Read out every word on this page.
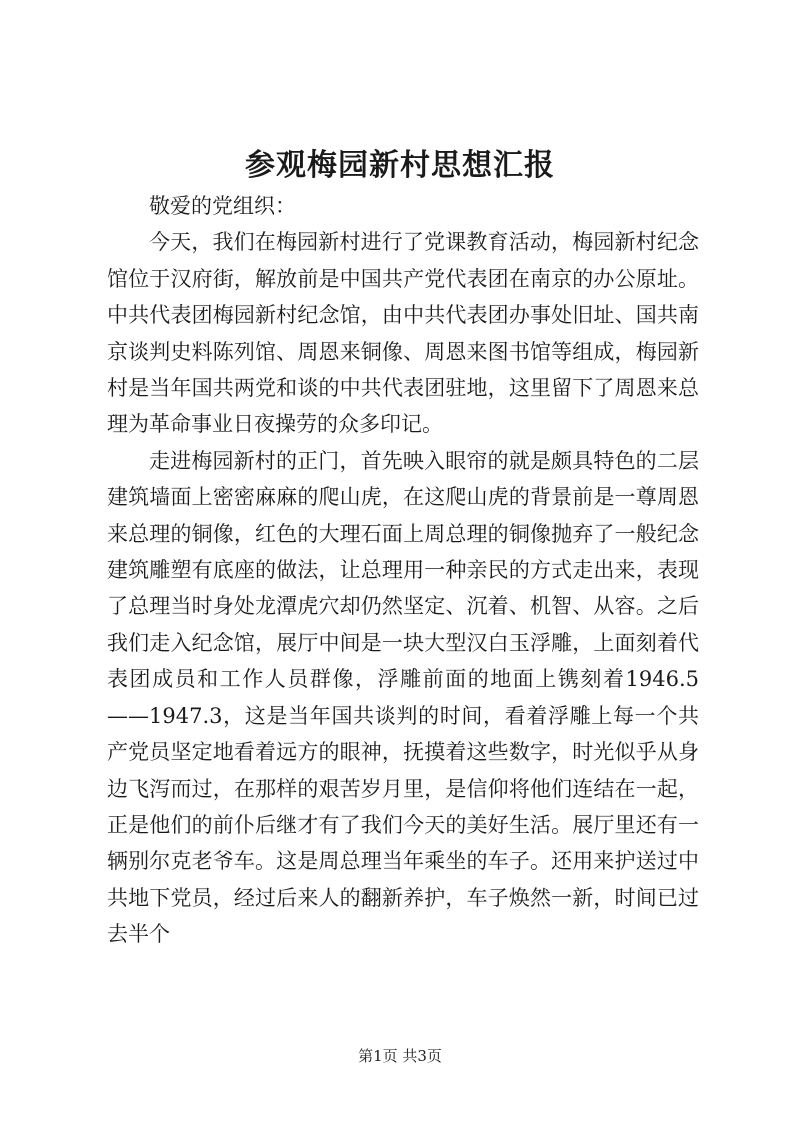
参观梅园新村思想汇报

敬爱的党组织：

今天，我们在梅园新村进行了党课教育活动，梅园新村纪念馆位于汉府街，解放前是中国共产党代表团在南京的办公原址。中共代表团梅园新村纪念馆，由中共代表团办事处旧址、国共南京谈判史料陈列馆、周恩来铜像、周恩来图书馆等组成，梅园新村是当年国共两党和谈的中共代表团驻地，这里留下了周恩来总理为革命事业日夜操劳的众多印记。

走进梅园新村的正门，首先映入眼帘的就是颇具特色的二层建筑墙面上密密麻麻的爬山虎，在这爬山虎的背景前是一尊周恩来总理的铜像，红色的大理石面上周总理的铜像抛弃了一般纪念建筑雕塑有底座的做法，让总理用一种亲民的方式走出来，表现了总理当时身处龙潭虎穴却仍然坚定、沉着、机智、从容。之后我们走入纪念馆，展厅中间是一块大型汉白玉浮雕，上面刻着代表团成员和工作人员群像，浮雕前面的地面上镌刻着1946.5——1947.3，这是当年国共谈判的时间，看着浮雕上每一个共产党员坚定地看着远方的眼神，抚摸着这些数字，时光似乎从身边飞泻而过，在那样的艰苦岁月里，是信仰将他们连结在一起，正是他们的前仆后继才有了我们今天的美好生活。展厅里还有一辆别尔克老爷车。这是周总理当年乘坐的车子。还用来护送过中共地下党员，经过后来人的翻新养护，车子焕然一新，时间已过去半个

第1页 共3页
